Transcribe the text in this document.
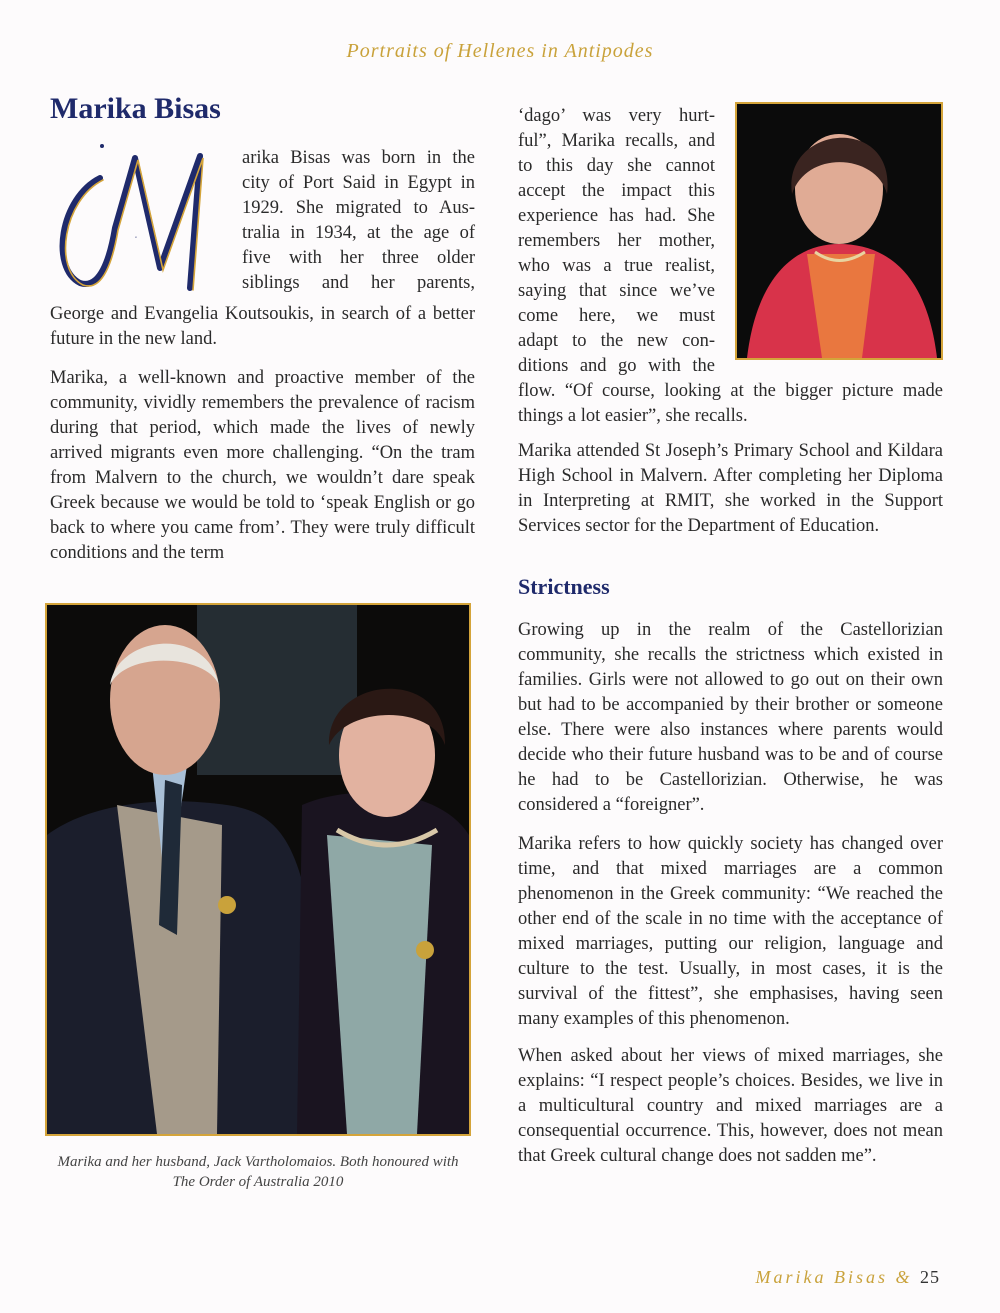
Portraits of Hellenes in Antipodes
Marika Bisas
M

arika Bisas was born in the

city of Port Said in Egypt in

1929. She migrated to Aus-

tralia in 1934, at the age of

five with her three older

siblings and her parents,

George and Evangelia Koutsoukis, in search of a better future in the new land.

Marika, a well-known and proactive member of the community, vividly remembers the prevalence of racism during that period, which made the lives of newly arrived migrants even more challenging. “On the tram from Malvern to the church, we wouldn’t dare speak Greek because we would be told to ‘speak English or go back to where you came from’. They were truly difficult conditions and the term

Marika and her husband, Jack Vartholomaios. Both honoured with The Order of Australia 2010

‘dago’ was very hurt-

ful”, Marika recalls, and

to this day she cannot

accept the impact this

experience has had. She

remembers her mother,

who was a true realist,

saying that since we’ve

come here, we must

adapt to the new con-

ditions and go with the

flow. “Of course, looking at the bigger picture made things a lot easier”, she recalls.

Marika attended St Joseph’s Primary School and Kildara High School in Malvern. After completing her Diploma in Interpreting at RMIT, she worked in the Support Services sector for the Department of Education.

Strictness

Growing up in the realm of the Castellorizian community, she recalls the strictness which existed in families. Girls were not allowed to go out on their own but had to be accompanied by their brother or someone else. There were also instances where parents would decide who their future husband was to be and of course he had to be Castellorizian. Otherwise, he was considered a “foreigner”.

Marika refers to how quickly society has changed over time, and that mixed marriages are a common phenomenon in the Greek community: “We reached the other end of the scale in no time with the acceptance of mixed marriages, putting our religion, language and culture to the test. Usually, in most cases, it is the survival of the fittest”, she emphasises, having seen many examples of this phenomenon.

When asked about her views of mixed marriages, she explains: “I respect people’s choices. Besides, we live in a multicultural country and mixed marriages are a consequential occurrence. This, however, does not mean that Greek cultural change does not sadden me”.

Marika Bisas & 25
